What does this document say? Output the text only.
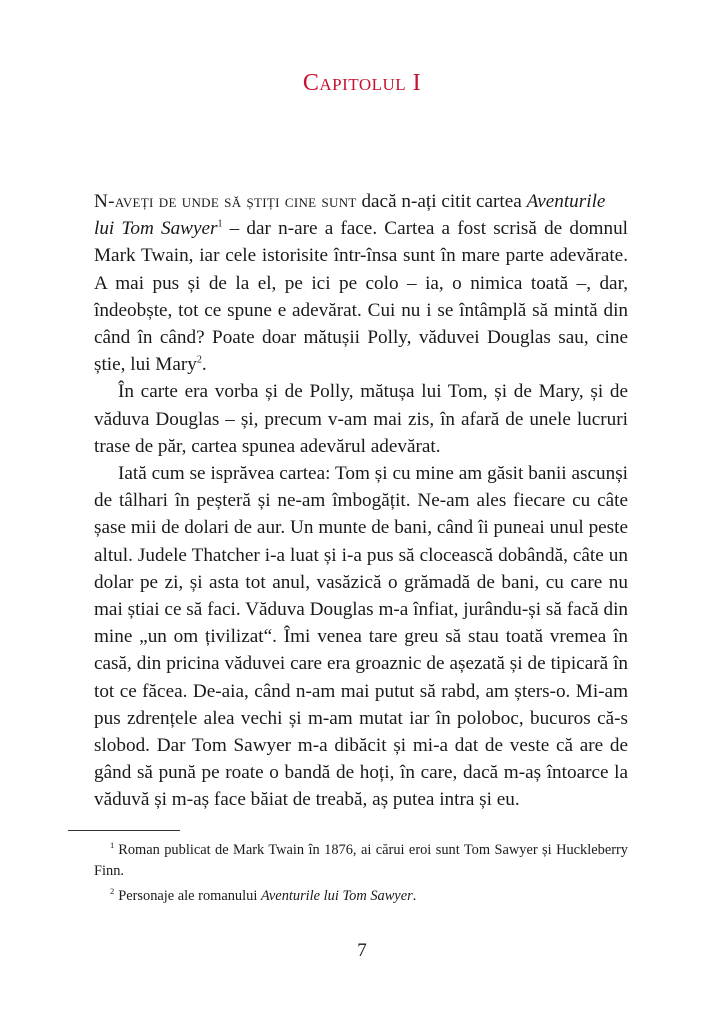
Capitolul I

N-aveți de unde să știți cine sunt dacă n-ați citit cartea Aventurile
lui Tom Sawyer$^1$ – dar n-are a face. Cartea a fost scrisă de domnul Mark Twain, iar cele istorisite într-însa sunt în mare parte adevărate. A mai pus și de la el, pe ici pe colo – ia, o nimica toată –, dar, îndeobște, tot ce spune e adevărat. Cui nu i se întâmplă să mintă din când în când? Poate doar mătușii Polly, văduvei Douglas sau, cine știe, lui Mary$^2$.

În carte era vorba și de Polly, mătușa lui Tom, și de Mary, și de văduva Douglas – și, precum v-am mai zis, în afară de unele lucruri trase de păr, cartea spunea adevărul adevărat.

Iată cum se isprăvea cartea: Tom și cu mine am găsit banii ascunși de tâlhari în peșteră și ne-am îmbogățit. Ne-am ales fiecare cu câte șase mii de dolari de aur. Un munte de bani, când îi puneai unul peste altul. Judele Thatcher i-a luat și i-a pus să clocească dobândă, câte un dolar pe zi, și asta tot anul, vasăzică o grămadă de bani, cu care nu mai știai ce să faci. Văduva Douglas m-a înfiat, jurându-și să facă din mine „un om țivilizat“. Îmi venea tare greu să stau toată vremea în casă, din pricina văduvei care era groaznic de așezată și de tipicară în tot ce făcea. De-aia, când n-am mai putut să rabd, am șters-o. Mi-am pus zdrențele alea vechi și m-am mutat iar în poloboc, bucuros că-s slobod. Dar Tom Sawyer m-a dibăcit și mi-a dat de veste că are de gând să pună pe roate o bandă de hoți, în care, dacă m-aș întoarce la văduvă și m-aș face băiat de treabă, aș putea intra și eu.

$^1$ Roman publicat de Mark Twain în 1876, ai cărui eroi sunt Tom Sawyer și Huckleberry Finn.

$^2$ Personaje ale romanului Aventurile lui Tom Sawyer.

7
